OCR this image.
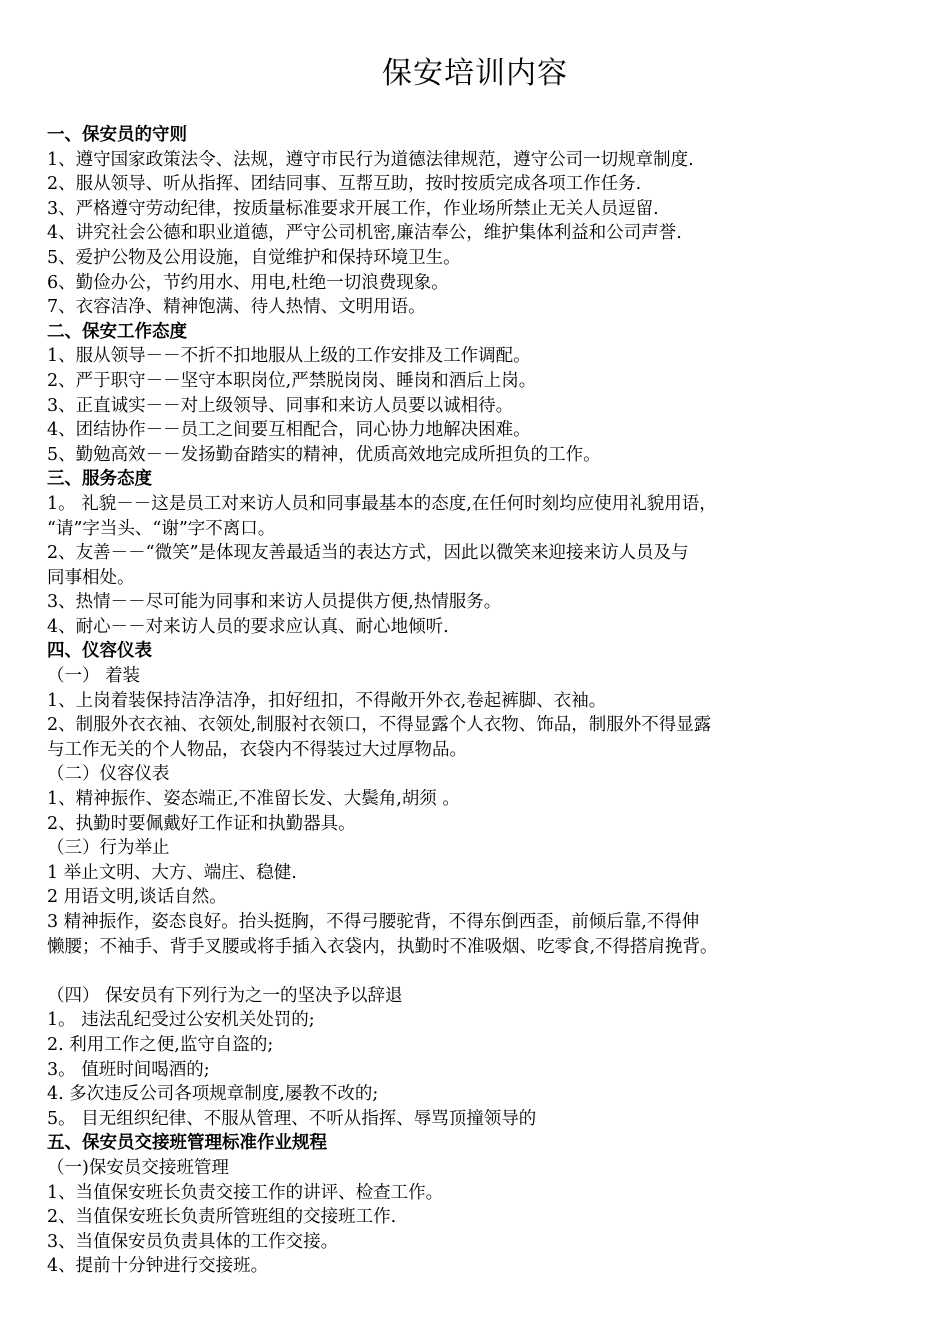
保安培训内容
一、保安员的守则
1、遵守国家政策法令、法规，遵守市民行为道德法律规范，遵守公司一切规章制度.
2、服从领导、听从指挥、团结同事、互帮互助，按时按质完成各项工作任务.
3、严格遵守劳动纪律，按质量标准要求开展工作，作业场所禁止无关人员逗留.
4、讲究社会公德和职业道德，严守公司机密,廉洁奉公，维护集体利益和公司声誉.
5、爱护公物及公用设施，自觉维护和保持环境卫生。
6、勤俭办公，节约用水、用电,杜绝一切浪费现象。
7、衣容洁净、精神饱满、待人热情、文明用语。
二、保安工作态度
1、服从领导－－不折不扣地服从上级的工作安排及工作调配。
2、严于职守－－坚守本职岗位,严禁脱岗岗、睡岗和酒后上岗。
3、正直诚实－－对上级领导、同事和来访人员要以诚相待。
4、团结协作－－员工之间要互相配合，同心协力地解决困难。
5、勤勉高效－－发扬勤奋踏实的精神，优质高效地完成所担负的工作。
三、服务态度
1。 礼貌－－这是员工对来访人员和同事最基本的态度,在任何时刻均应使用礼貌用语，
“请”字当头、“谢”字不离口。
2、友善－－“微笑”是体现友善最适当的表达方式，因此以微笑来迎接来访人员及与
同事相处。
3、热情－－尽可能为同事和来访人员提供方便,热情服务。
4、耐心－－对来访人员的要求应认真、耐心地倾听.
四、仪容仪表
（一） 着装
1、上岗着装保持洁净洁净，扣好纽扣，不得敞开外衣,卷起裤脚、衣袖。
2、制服外衣衣袖、衣领处,制服衬衣领口，不得显露个人衣物、饰品，制服外不得显露
与工作无关的个人物品，衣袋内不得装过大过厚物品。
（二）仪容仪表
1、精神振作、姿态端正,不准留长发、大鬓角,胡须 。
2、执勤时要佩戴好工作证和执勤器具。
（三）行为举止
1 举止文明、大方、端庄、稳健.
2 用语文明,谈话自然。
3 精神振作，姿态良好。抬头挺胸，不得弓腰驼背，不得东倒西歪，前倾后靠,不得伸
懒腰；不袖手、背手叉腰或将手插入衣袋内，执勤时不准吸烟、吃零食,不得搭肩挽背。
（四） 保安员有下列行为之一的坚决予以辞退
1。 违法乱纪受过公安机关处罚的;
2. 利用工作之便,监守自盗的;
3。 值班时间喝酒的;
4. 多次违反公司各项规章制度,屡教不改的;
5。 目无组织纪律、不服从管理、不听从指挥、辱骂顶撞领导的
五、保安员交接班管理标准作业规程
（一)保安员交接班管理
1、当值保安班长负责交接工作的讲评、检查工作。
2、当值保安班长负责所管班组的交接班工作.
3、当值保安员负责具体的工作交接。
4、提前十分钟进行交接班。
